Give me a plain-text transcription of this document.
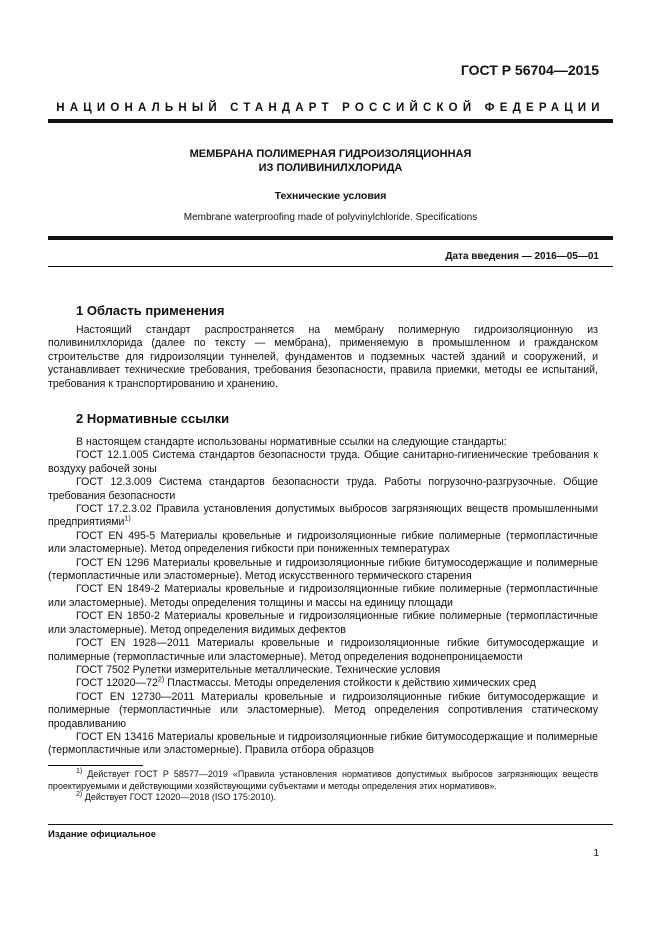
ГОСТ Р 56704—2015
НАЦИОНАЛЬНЫЙ СТАНДАРТ РОССИЙСКОЙ ФЕДЕРАЦИИ
МЕМБРАНА ПОЛИМЕРНАЯ ГИДРОИЗОЛЯЦИОННАЯ
ИЗ ПОЛИВИНИЛХЛОРИДА
Технические условия
Membrane waterproofing made of polyvinylchloride. Specifications
Дата введения — 2016—05—01
1 Область применения

Настоящий стандарт распространяется на мембрану полимерную гидроизоляционную из поливинилхлорида (далее по тексту — мембрана), применяемую в промышленном и гражданском строительстве для гидроизоляции туннелей, фундаментов и подземных частей зданий и сооружений, и устанавливает технические требования, требования безопасности, правила приемки, методы ее испытаний, требования к транспортированию и хранению.

2 Нормативные ссылки

В настоящем стандарте использованы нормативные ссылки на следующие стандарты:

ГОСТ 12.1.005 Система стандартов безопасности труда. Общие санитарно-гигиенические требования к воздуху рабочей зоны

ГОСТ 12.3.009 Система стандартов безопасности труда. Работы погрузочно-разгрузочные. Общие требования безопасности

ГОСТ 17.2.3.02 Правила установления допустимых выбросов загрязняющих веществ промышленными предприятиями$^{1)}$

ГОСТ EN 495-5 Материалы кровельные и гидроизоляционные гибкие полимерные (термопластичные или эластомерные). Метод определения гибкости при пониженных температурах

ГОСТ EN 1296 Материалы кровельные и гидроизоляционные гибкие битумосодержащие и полимерные (термопластичные или эластомерные). Метод искусственного термического старения

ГОСТ EN 1849-2 Материалы кровельные и гидроизоляционные гибкие полимерные (термопластичные или эластомерные). Методы определения толщины и массы на единицу площади

ГОСТ EN 1850-2 Материалы кровельные и гидроизоляционные гибкие полимерные (термопластичные или эластомерные). Метод определения видимых дефектов

ГОСТ EN 1928—2011 Материалы кровельные и гидроизоляционные гибкие битумосодержащие и полимерные (термопластичные или эластомерные). Метод определения водонепроницаемости

ГОСТ 7502 Рулетки измерительные металлические. Технические условия

ГОСТ 12020—72$^{2)}$ Пластмассы. Методы определения стойкости к действию химических сред

ГОСТ EN 12730—2011 Материалы кровельные и гидроизоляционные гибкие битумосодержащие и полимерные (термопластичные или эластомерные). Метод определения сопротивления статическому продавливанию

ГОСТ EN 13416 Материалы кровельные и гидроизоляционные гибкие битумосодержащие и полимерные (термопластичные или эластомерные). Правила отбора образцов

$^{1)}$ Действует ГОСТ Р 58577—2019 «Правила установления нормативов допустимых выбросов загрязняющих веществ проектируемыми и действующими хозяйствующими субъектами и методы определения этих нормативов».

$^{2)}$ Действует ГОСТ 12020—2018 (ISO 175:2010).

Издание официальное
1
